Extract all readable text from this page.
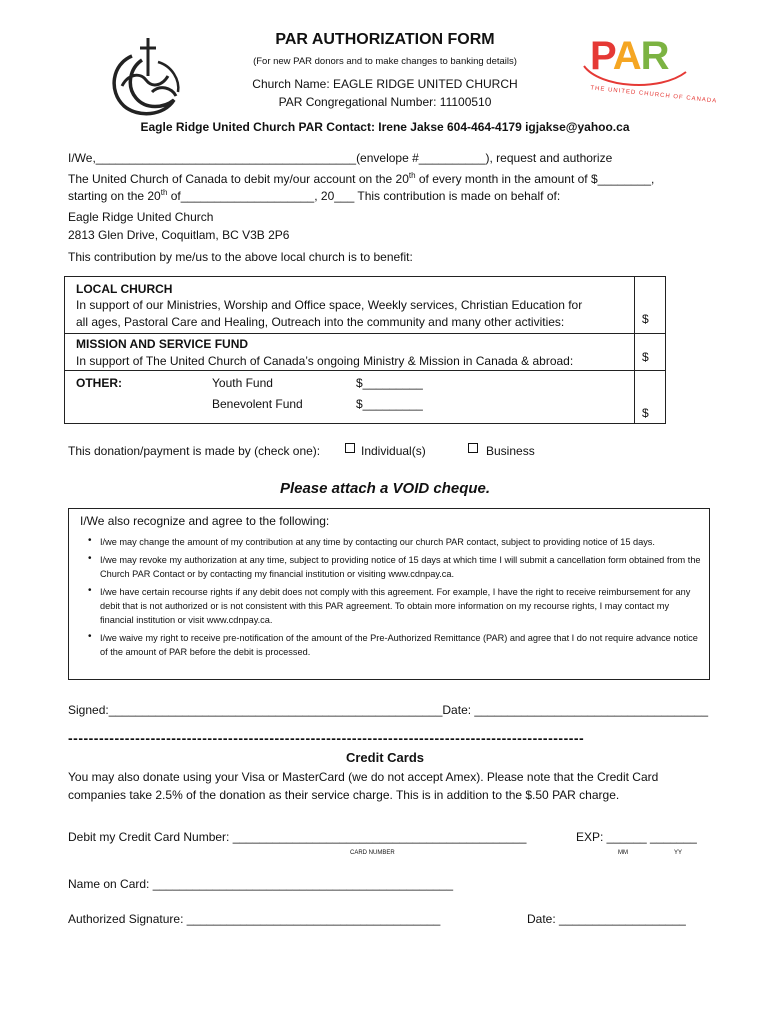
PAR
THE UNITED CHURCH OF CANADA
PAR AUTHORIZATION FORM
(For new PAR donors and to make changes to banking details)
Church Name: EAGLE RIDGE UNITED CHURCH
PAR Congregational Number: 11100510
Eagle Ridge United Church PAR Contact: Irene Jakse 604-464-4179 igjakse@yahoo.ca
I/We,_______________________________________(envelope #__________), request and authorize
The United Church of Canada to debit my/our account on the 20th of every month in the amount of $________,
starting on the 20th of____________________, 20___ This contribution is made on behalf of:
Eagle Ridge United Church
2813 Glen Drive, Coquitlam, BC V3B 2P6
This contribution by me/us to the above local church is to benefit:
LOCAL CHURCH
In support of our Ministries, Worship and Office space, Weekly services, Christian Education for
all ages, Pastoral Care and Healing, Outreach into the community and many other activities:	$
MISSION AND SERVICE FUND
In support of The United Church of Canada’s ongoing Ministry & Mission in Canada & abroad:	$
OTHER:	Youth Fund	$_________
Benevolent Fund	$_________
$
This donation/payment is made by (check one):	Individual(s)	Business
Please attach a VOID cheque.
I/We also recognize and agree to the following:
• I/we may change the amount of my contribution at any time by contacting our church PAR contact, subject to providing notice of 15 days.
• I/we may revoke my authorization at any time, subject to providing notice of 15 days at which time I will submit a cancellation form obtained from the Church PAR Contact or by contacting my financial institution or visiting www.cdnpay.ca.
• I/we have certain recourse rights if any debit does not comply with this agreement. For example, I have the right to receive reimbursement for any debit that is not authorized or is not consistent with this PAR agreement. To obtain more information on my recourse rights, I may contact my financial institution or visit www.cdnpay.ca.
• I/we waive my right to receive pre-notification of the amount of the Pre-Authorized Remittance (PAR) and agree that I do not require advance notice of the amount of PAR before the debit is processed.
Signed:__________________________________________________Date: ___________________________________
----------------------------------------------------------------------------------------------------
Credit Cards
You may also donate using your Visa or MasterCard (we do not accept Amex). Please note that the Credit Card
companies take 2.5% of the donation as their service charge. This is in addition to the $.50 PAR charge.
Debit my Credit Card Number: ____________________________________________	EXP: ______ _______
CARD NUMBER	MM	YY
Name on Card: _____________________________________________
Authorized Signature: ______________________________________	Date: ___________________
